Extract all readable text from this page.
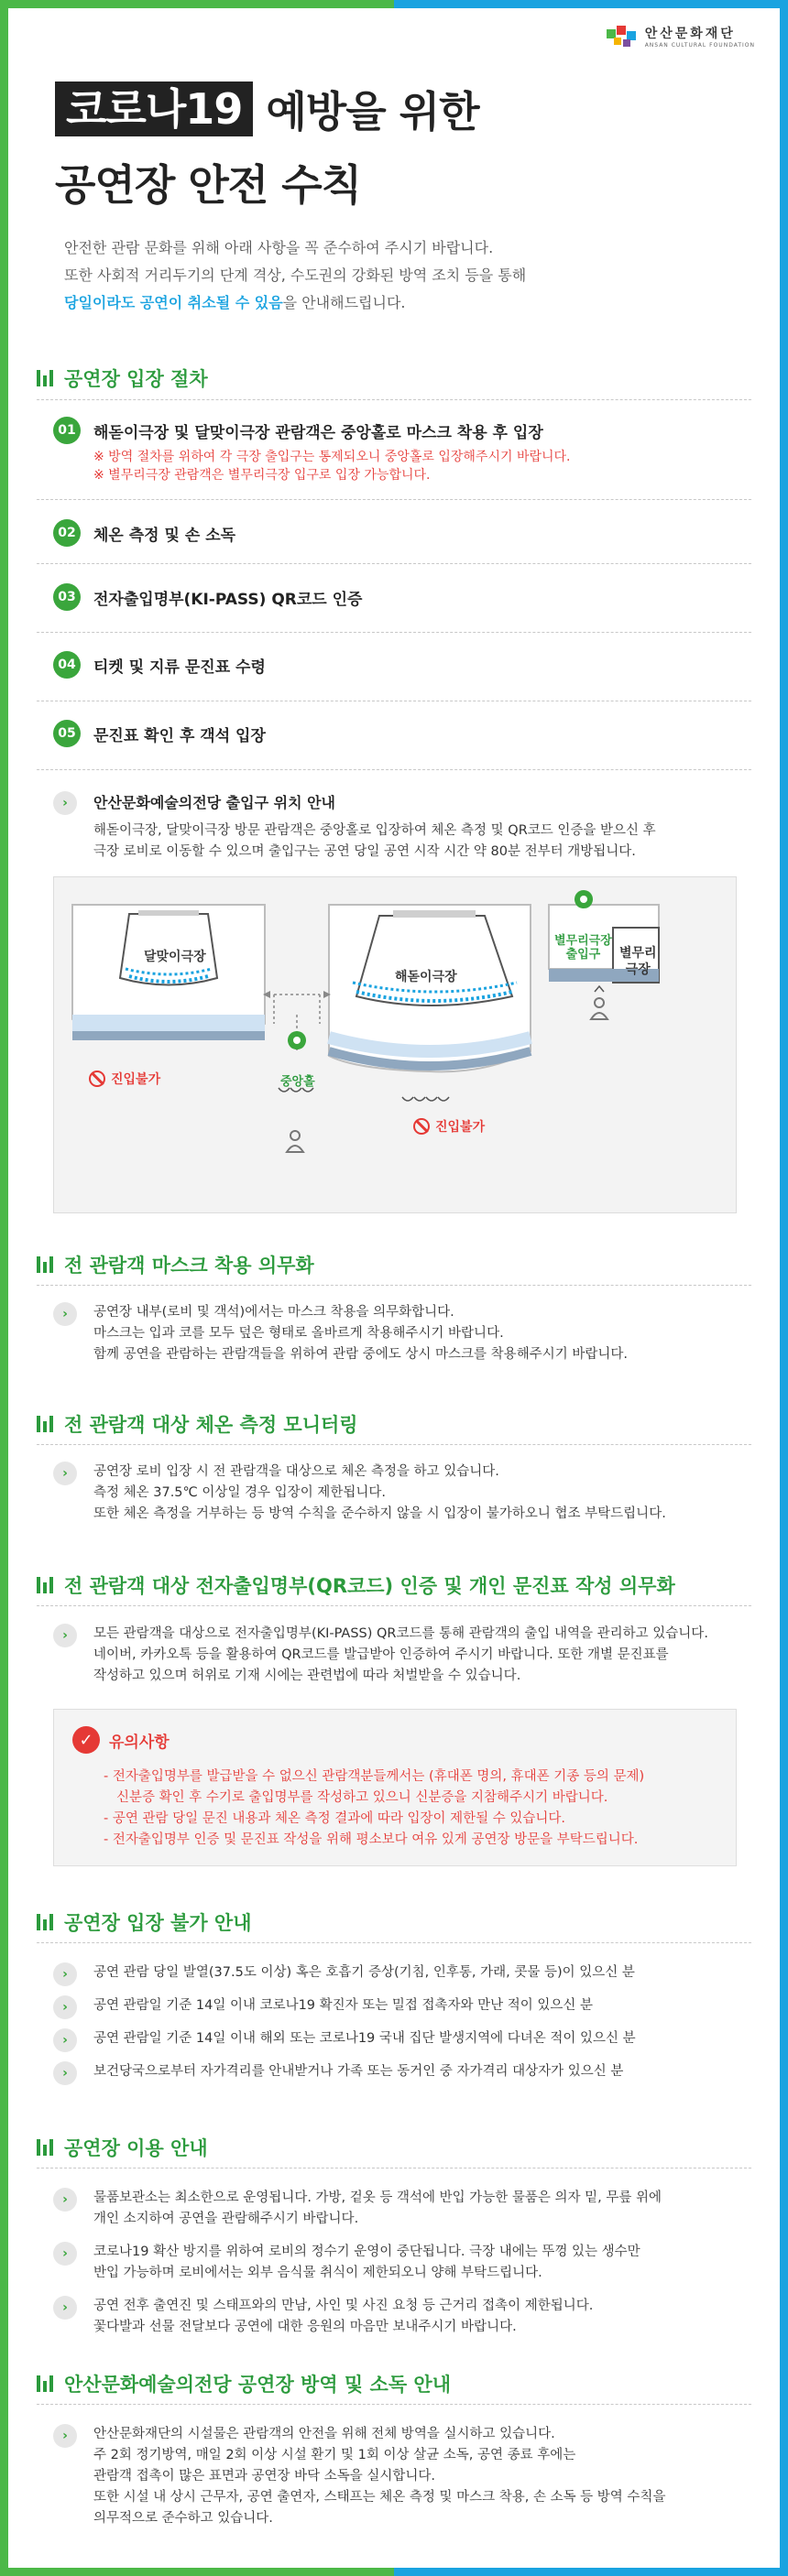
안산문화재단
ANSAN CULTURAL FOUNDATION
코로나19 예방을 위한
공연장 안전 수칙
안전한 관람 문화를 위해 아래 사항을 꼭 준수하여 주시기 바랍니다.
또한 사회적 거리두기의 단계 격상, 수도권의 강화된 방역 조치 등을 통해
당일이라도 공연이 취소될 수 있음을 안내해드립니다.
공연장 입장 절차
01	해돋이극장 및 달맞이극장 관람객은 중앙홀로 마스크 착용 후 입장
※ 방역 절차를 위하여 각 극장 출입구는 통제되오니 중앙홀로 입장해주시기 바랍니다.
※ 별무리극장 관람객은 별무리극장 입구로 입장 가능합니다.
02	체온 측정 및 손 소독
03	전자출입명부(KI-PASS) QR코드 인증
04	티켓 및 지류 문진표 수령
05	문진표 확인 후 객석 입장
›	안산문화예술의전당 출입구 위치 안내
해돋이극장, 달맞이극장 방문 관람객은 중앙홀로 입장하여 체온 측정 및 QR코드 인증을 받으신 후
극장 로비로 이동할 수 있으며 출입구는 공연 당일 공연 시작 시간 약 80분 전부터 개방됩니다.
달맞이극장
해돋이극장
별무리극장
출입구	별무리
극장
중앙홀
진입불가
진입불가
전 관람객 마스크 착용 의무화
›	공연장 내부(로비 및 객석)에서는 마스크 착용을 의무화합니다.
마스크는 입과 코를 모두 덮은 형태로 올바르게 착용해주시기 바랍니다.
함께 공연을 관람하는 관람객들을 위하여 관람 중에도 상시 마스크를 착용해주시기 바랍니다.
전 관람객 대상 체온 측정 모니터링
›	공연장 로비 입장 시 전 관람객을 대상으로 체온 측정을 하고 있습니다.
측정 체온 37.5℃ 이상일 경우 입장이 제한됩니다.
또한 체온 측정을 거부하는 등 방역 수칙을 준수하지 않을 시 입장이 불가하오니 협조 부탁드립니다.
전 관람객 대상 전자출입명부(QR코드) 인증 및 개인 문진표 작성 의무화
›	모든 관람객을 대상으로 전자출입명부(KI-PASS) QR코드를 통해 관람객의 출입 내역을 관리하고 있습니다.
네이버, 카카오톡 등을 활용하여 QR코드를 발급받아 인증하여 주시기 바랍니다. 또한 개별 문진표를
작성하고 있으며 허위로 기재 시에는 관련법에 따라 처벌받을 수 있습니다.
✓	유의사항
- 전자출입명부를 발급받을 수 없으신 관람객분들께서는 (휴대폰 명의, 휴대폰 기종 등의 문제)
신분증 확인 후 수기로 출입명부를 작성하고 있으니 신분증을 지참해주시기 바랍니다.
- 공연 관람 당일 문진 내용과 체온 측정 결과에 따라 입장이 제한될 수 있습니다.
- 전자출입명부 인증 및 문진표 작성을 위해 평소보다 여유 있게 공연장 방문을 부탁드립니다.
공연장 입장 불가 안내
›	공연 관람 당일 발열(37.5도 이상) 혹은 호흡기 증상(기침, 인후통, 가래, 콧물 등)이 있으신 분
›	공연 관람일 기준 14일 이내 코로나19 확진자 또는 밀접 접촉자와 만난 적이 있으신 분
›	공연 관람일 기준 14일 이내 해외 또는 코로나19 국내 집단 발생지역에 다녀온 적이 있으신 분
›	보건당국으로부터 자가격리를 안내받거나 가족 또는 동거인 중 자가격리 대상자가 있으신 분
공연장 이용 안내
›	물품보관소는 최소한으로 운영됩니다. 가방, 겉옷 등 객석에 반입 가능한 물품은 의자 밑, 무릎 위에
개인 소지하여 공연을 관람해주시기 바랍니다.
›	코로나19 확산 방지를 위하여 로비의 정수기 운영이 중단됩니다. 극장 내에는 뚜껑 있는 생수만
반입 가능하며 로비에서는 외부 음식물 취식이 제한되오니 양해 부탁드립니다.
›	공연 전후 출연진 및 스태프와의 만남, 사인 및 사진 요청 등 근거리 접촉이 제한됩니다.
꽃다발과 선물 전달보다 공연에 대한 응원의 마음만 보내주시기 바랍니다.
안산문화예술의전당 공연장 방역 및 소독 안내
›	안산문화재단의 시설물은 관람객의 안전을 위해 전체 방역을 실시하고 있습니다.
주 2회 정기방역, 매일 2회 이상 시설 환기 및 1회 이상 살균 소독, 공연 종료 후에는
관람객 접촉이 많은 표면과 공연장 바닥 소독을 실시합니다.
또한 시설 내 상시 근무자, 공연 출연자, 스태프는 체온 측정 및 마스크 착용, 손 소독 등 방역 수칙을
의무적으로 준수하고 있습니다.
